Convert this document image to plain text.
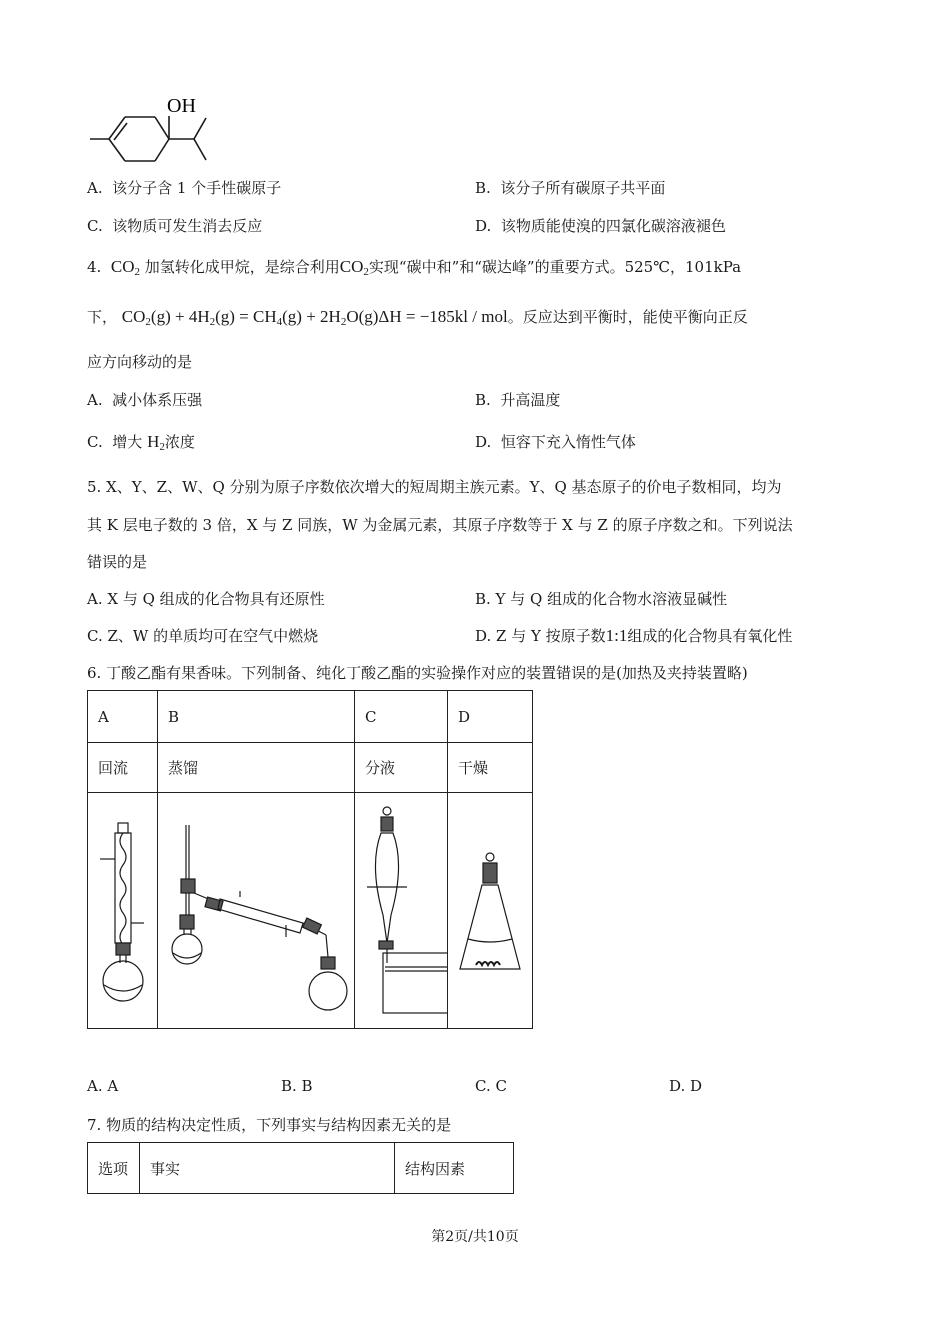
OH
A. 该分子含 1 个手性碳原子	B. 该分子所有碳原子共平面
C. 该物质可发生消去反应	D. 该物质能使溴的四氯化碳溶液褪色
4. $CO_2$ 加氢转化成甲烷，是综合利用$CO_2$实现“碳中和”和“碳达峰”的重要方式。525℃，101kPa
下， $CO_2(g) + 4H_2(g) = CH_4(g) + 2H_2O(g)\Delta H = -185kl$ / mol。反应达到平衡时，能使平衡向正反
应方向移动的是
A. 减小体系压强	B. 升高温度
C. 增大 $H_2$浓度	D. 恒容下充入惰性气体
5. X、Y、Z、W、Q 分别为原子序数依次增大的短周期主族元素。Y、Q 基态原子的价电子数相同，均为
其 K 层电子数的 3 倍，X 与 Z 同族，W 为金属元素，其原子序数等于 X 与 Z 的原子序数之和。下列说法
错误的是
A. X 与 Q 组成的化合物具有还原性	B. Y 与 Q 组成的化合物水溶液显碱性
C. Z、W 的单质均可在空气中燃烧	D. Z 与 Y 按原子数1:1组成的化合物具有氧化性
6. 丁酸乙酯有果香味。下列制备、纯化丁酸乙酯的实验操作对应的装置错误的是(加热及夹持装置略)
A	B	C	D
回流	蒸馏	分液	干燥

A. A	B. B	C. C	D. D
7. 物质的结构决定性质，下列事实与结构因素无关的是
选项	事实	结构因素
第2页/共10页
